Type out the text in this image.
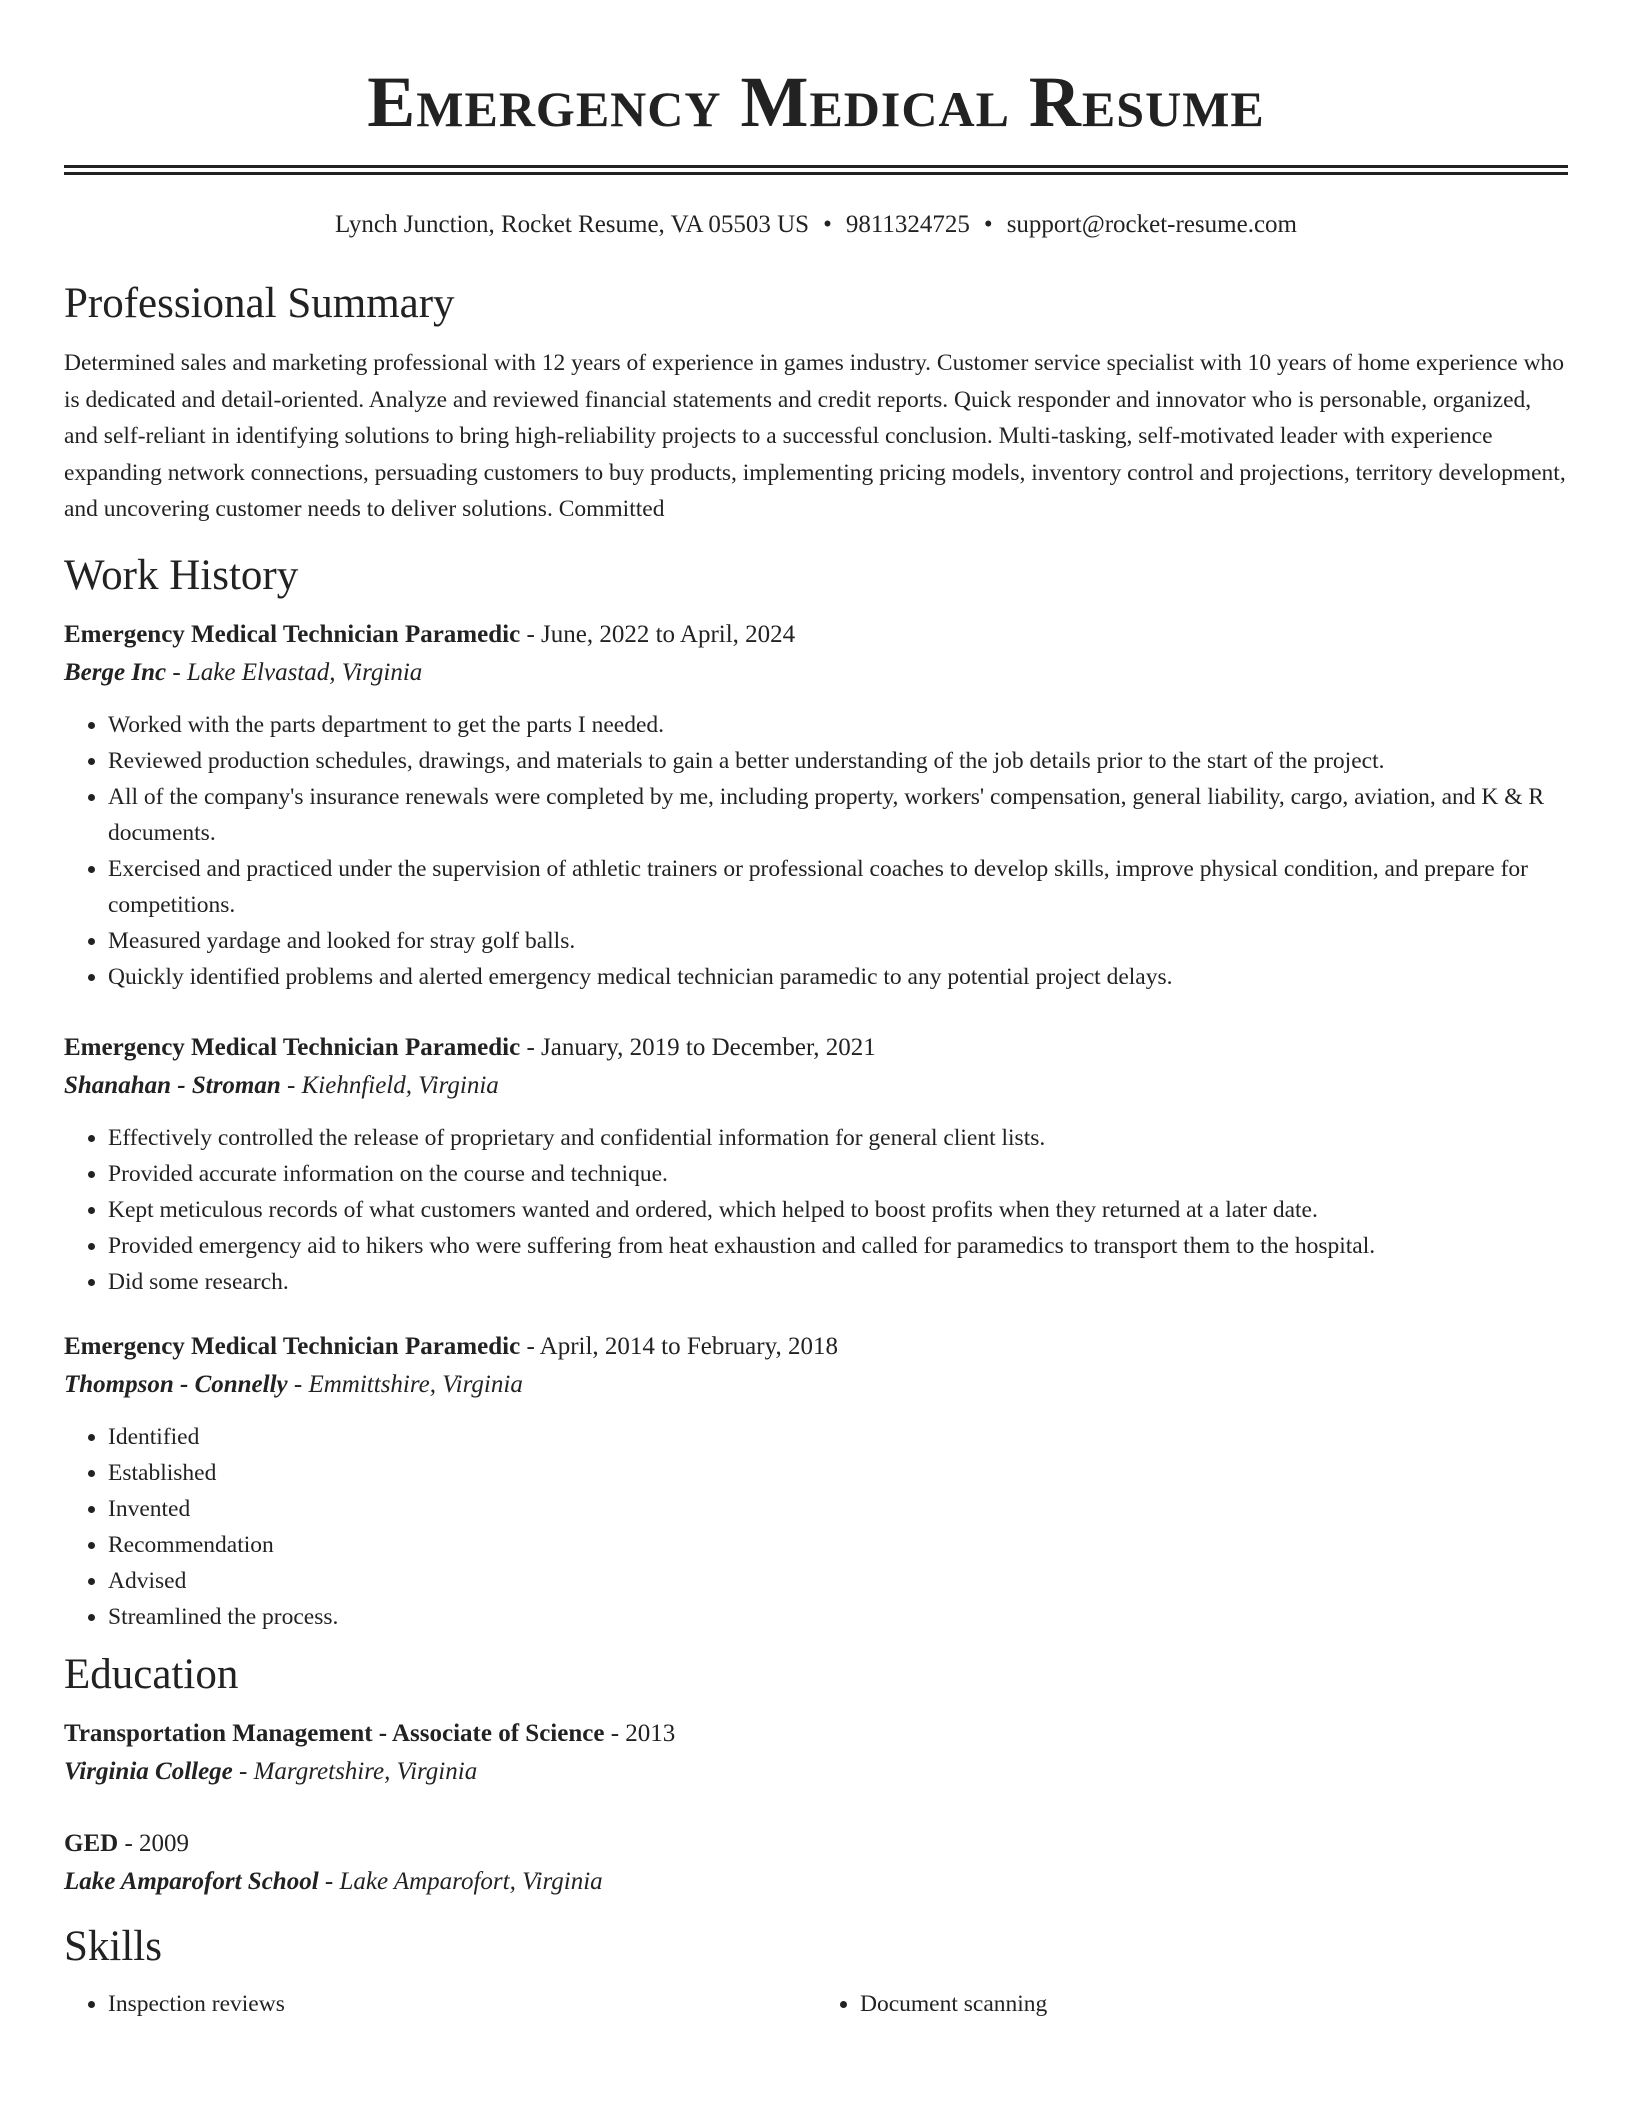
Emergency Medical Resume
Lynch Junction, Rocket Resume, VA 05503 US • 9811324725 • support@rocket-resume.com
Professional Summary

Determined sales and marketing professional with 12 years of experience in games industry. Customer service specialist with 10 years of home experience who is dedicated and detail-oriented. Analyze and reviewed financial statements and credit reports. Quick responder and innovator who is personable, organized, and self-reliant in identifying solutions to bring high-reliability projects to a successful conclusion. Multi-tasking, self-motivated leader with experience expanding network connections, persuading customers to buy products, implementing pricing models, inventory control and projections, territory development, and uncovering customer needs to deliver solutions. Committed

Work History
Emergency Medical Technician Paramedic - June, 2022 to April, 2024
Berge Inc - Lake Elvastad, Virginia
• Worked with the parts department to get the parts I needed.
• Reviewed production schedules, drawings, and materials to gain a better understanding of the job details prior to the start of the project.
• All of the company's insurance renewals were completed by me, including property, workers' compensation, general liability, cargo, aviation, and K & R documents.
• Exercised and practiced under the supervision of athletic trainers or professional coaches to develop skills, improve physical condition, and prepare for competitions.
• Measured yardage and looked for stray golf balls.
• Quickly identified problems and alerted emergency medical technician paramedic to any potential project delays.
Emergency Medical Technician Paramedic - January, 2019 to December, 2021
Shanahan - Stroman - Kiehnfield, Virginia
• Effectively controlled the release of proprietary and confidential information for general client lists.
• Provided accurate information on the course and technique.
• Kept meticulous records of what customers wanted and ordered, which helped to boost profits when they returned at a later date.
• Provided emergency aid to hikers who were suffering from heat exhaustion and called for paramedics to transport them to the hospital.
• Did some research.
Emergency Medical Technician Paramedic - April, 2014 to February, 2018
Thompson - Connelly - Emmittshire, Virginia
• Identified
• Established
• Invented
• Recommendation
• Advised
• Streamlined the process.
Education
Transportation Management - Associate of Science - 2013
Virginia College - Margretshire, Virginia
GED - 2009
Lake Amparofort School - Lake Amparofort, Virginia
Skills
• Inspection reviews
•	Document scanning
